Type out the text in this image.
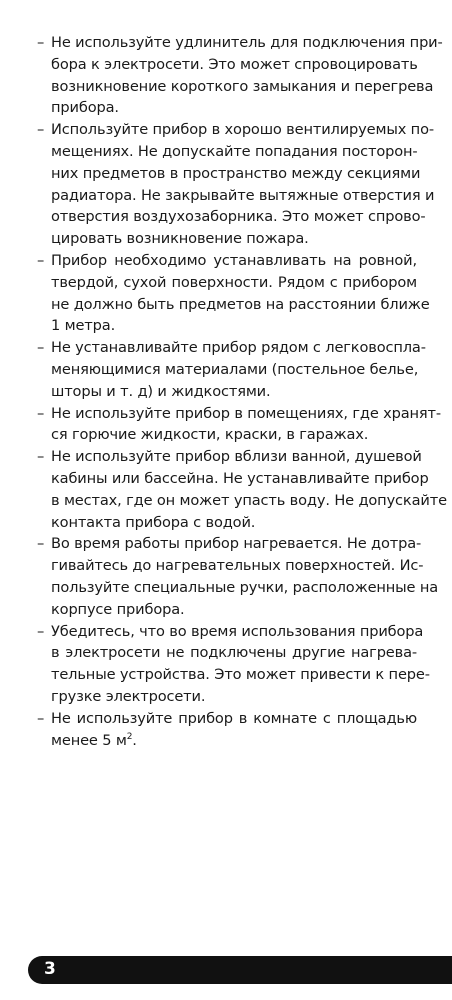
– Не используйте удлинитель для подключения при-
бора к электросети. Это может спровоцировать
возникновение короткого замыкания и перегрева
прибора.
– Используйте прибор в хорошо вентилируемых по-
мещениях. Не допускайте попадания посторон-
них предметов в пространство между секциями
радиатора. Не закрывайте вытяжные отверстия и
отверстия воздухозаборника. Это может спрово-
цировать возникновение пожара.
– Прибор необходимо устанавливать на ровной,
твердой, сухой поверхности. Рядом с прибором
не должно быть предметов на расстоянии ближе
1 метра.
– Не устанавливайте прибор рядом с легковоспла-
меняющимися материалами (постельное белье,
шторы и т. д) и жидкостями.
– Не используйте прибор в помещениях, где хранят-
ся горючие жидкости, краски, в гаражах.
– Не используйте прибор вблизи ванной, душевой
кабины или бассейна. Не устанавливайте прибор
в местах, где он может упасть воду. Не допускайте
контакта прибора с водой.
– Во время работы прибор нагревается. Не дотра-
гивайтесь до нагревательных поверхностей. Ис-
пользуйте специальные ручки, расположенные на
корпусе прибора.
– Убедитесь, что во время использования прибора
в электросети не подключены другие нагрева-
тельные устройства. Это может привести к пере-
грузке электросети.
– Не используйте прибор в комнате с площадью
менее 5 $м^2$.
3
